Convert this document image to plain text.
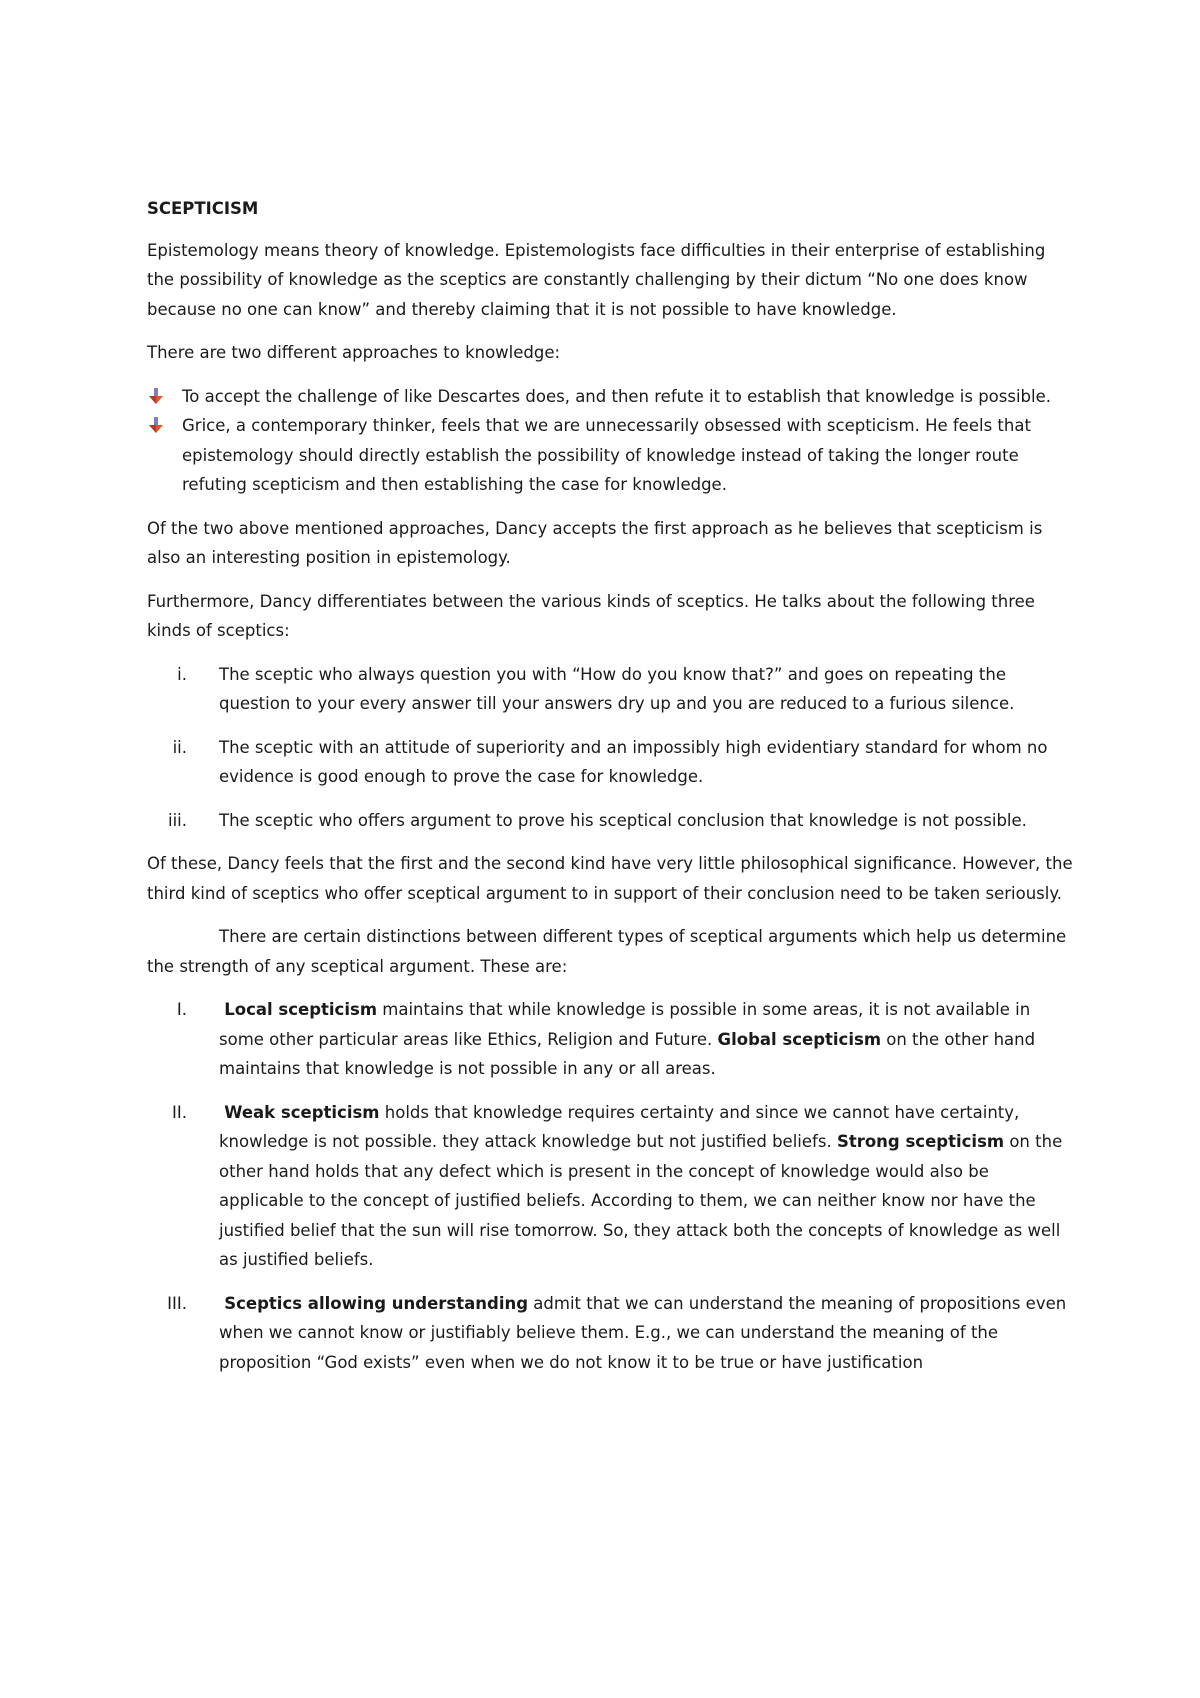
SCEPTICISM

Epistemology means theory of knowledge. Epistemologists face difficulties in their enterprise of establishing the possibility of knowledge as the sceptics are constantly challenging by their dictum “No one does know because no one can know” and thereby claiming that it is not possible to have knowledge.

There are two different approaches to knowledge:

To accept the challenge of like Descartes does, and then refute it to establish that knowledge is possible.
Grice, a contemporary thinker, feels that we are unnecessarily obsessed with scepticism. He feels that epistemology should directly establish the possibility of knowledge instead of taking the longer route refuting scepticism and then establishing the case for knowledge.

Of the two above mentioned approaches, Dancy accepts the first approach as he believes that scepticism is also an interesting position in epistemology.

Furthermore, Dancy differentiates between the various kinds of sceptics. He talks about the following three kinds of sceptics:

i. The sceptic who always question you with “How do you know that?” and goes on repeating the question to your every answer till your answers dry up and you are reduced to a furious silence.
ii. The sceptic with an attitude of superiority and an impossibly high evidentiary standard for whom no evidence is good enough to prove the case for knowledge.
iii. The sceptic who offers argument to prove his sceptical conclusion that knowledge is not possible.

Of these, Dancy feels that the first and the second kind have very little philosophical significance. However, the third kind of sceptics who offer sceptical argument to in support of their conclusion need to be taken seriously.

There are certain distinctions between different types of sceptical arguments which help us determine the strength of any sceptical argument. These are:

I. Local scepticism maintains that while knowledge is possible in some areas, it is not available in some other particular areas like Ethics, Religion and Future. Global scepticism on the other hand maintains that knowledge is not possible in any or all areas.
II. Weak scepticism holds that knowledge requires certainty and since we cannot have certainty, knowledge is not possible. they attack knowledge but not justified beliefs. Strong scepticism on the other hand holds that any defect which is present in the concept of knowledge would also be applicable to the concept of justified beliefs. According to them, we can neither know nor have the justified belief that the sun will rise tomorrow. So, they attack both the concepts of knowledge as well as justified beliefs.
III. Sceptics allowing understanding admit that we can understand the meaning of propositions even when we cannot know or justifiably believe them. E.g., we can understand the meaning of the proposition “God exists” even when we do not know it to be true or have justification
